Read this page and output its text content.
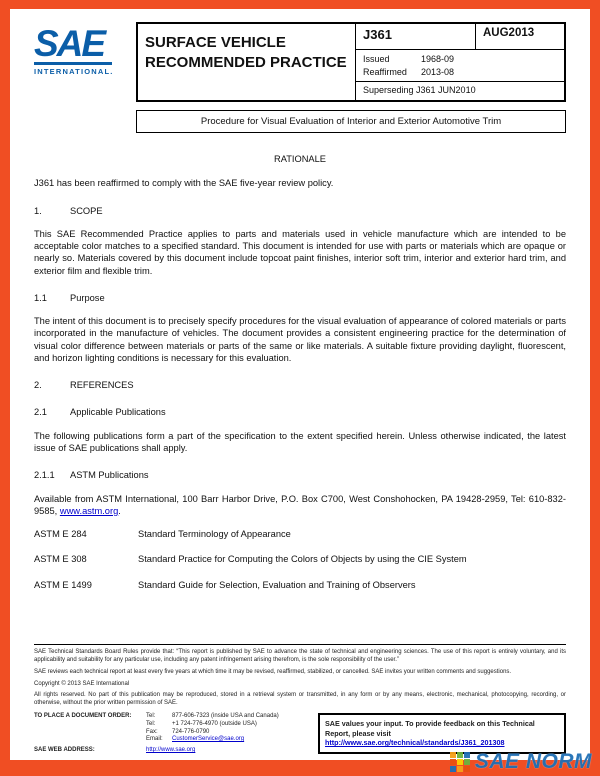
SAE
INTERNATIONAL.
SURFACE VEHICLE RECOMMENDED PRACTICE
J361	AUG2013
Issued	1968-09
Reaffirmed 2013-08
Superseding J361 JUN2010
Procedure for Visual Evaluation of Interior and Exterior Automotive Trim
RATIONALE

J361 has been reaffirmed to comply with the SAE five-year review policy.

1.	SCOPE

This SAE Recommended Practice applies to parts and materials used in vehicle manufacture which are intended to be acceptable color matches to a specified standard. This document is intended for use with parts or materials which are opaque or nearly so. Materials covered by this document include topcoat paint finishes, interior soft trim, interior and exterior hard trim, and exterior film and flexible trim.

1.1 Purpose

The intent of this document is to precisely specify procedures for the visual evaluation of appearance of colored materials or parts incorporated in the manufacture of vehicles. The document provides a consistent engineering practice for the determination of visual color difference between materials or parts of the same or like materials. A suitable fixture providing daylight, fluorescent, and horizon lighting conditions is necessary for this evaluation.

2.	REFERENCES
2.1 Applicable Publications

The following publications form a part of the specification to the extent specified herein. Unless otherwise indicated, the latest issue of SAE publications shall apply.

2.1.1 ASTM Publications

Available from ASTM International, 100 Barr Harbor Drive, P.O. Box C700, West Conshohocken, PA 19428-2959, Tel: 610-832-9585, www.astm.org.

ASTM E 284	Standard Terminology of Appearance
ASTM E 308	Standard Practice for Computing the Colors of Objects by using the CIE System
ASTM E 1499	Standard Guide for Selection, Evaluation and Training of Observers

SAE Technical Standards Board Rules provide that: “This report is published by SAE to advance the state of technical and engineering sciences. The use of this report is entirely voluntary, and its applicability and suitability for any particular use, including any patent infringement arising therefrom, is the sole responsibility of the user.”

SAE reviews each technical report at least every five years at which time it may be revised, reaffirmed, stabilized, or cancelled. SAE invites your written comments and suggestions.

Copyright © 2013 SAE International

All rights reserved. No part of this publication may be reproduced, stored in a retrieval system or transmitted, in any form or by any means, electronic, mechanical, photocopying, recording, or otherwise, without the prior written permission of SAE.

TO PLACE A DOCUMENT ORDER:	Tel:	877-606-7323 (inside USA and Canada)
Tel:	+1 724-776-4970 (outside USA)
Fax:	724-776-0790
Email:	CustomerService@sae.org
SAE WEB ADDRESS:	http://www.sae.org
SAE values your input. To provide feedback on this Technical Report, please visit http://www.sae.org/technical/standards/J361_201308
SAE NORM
